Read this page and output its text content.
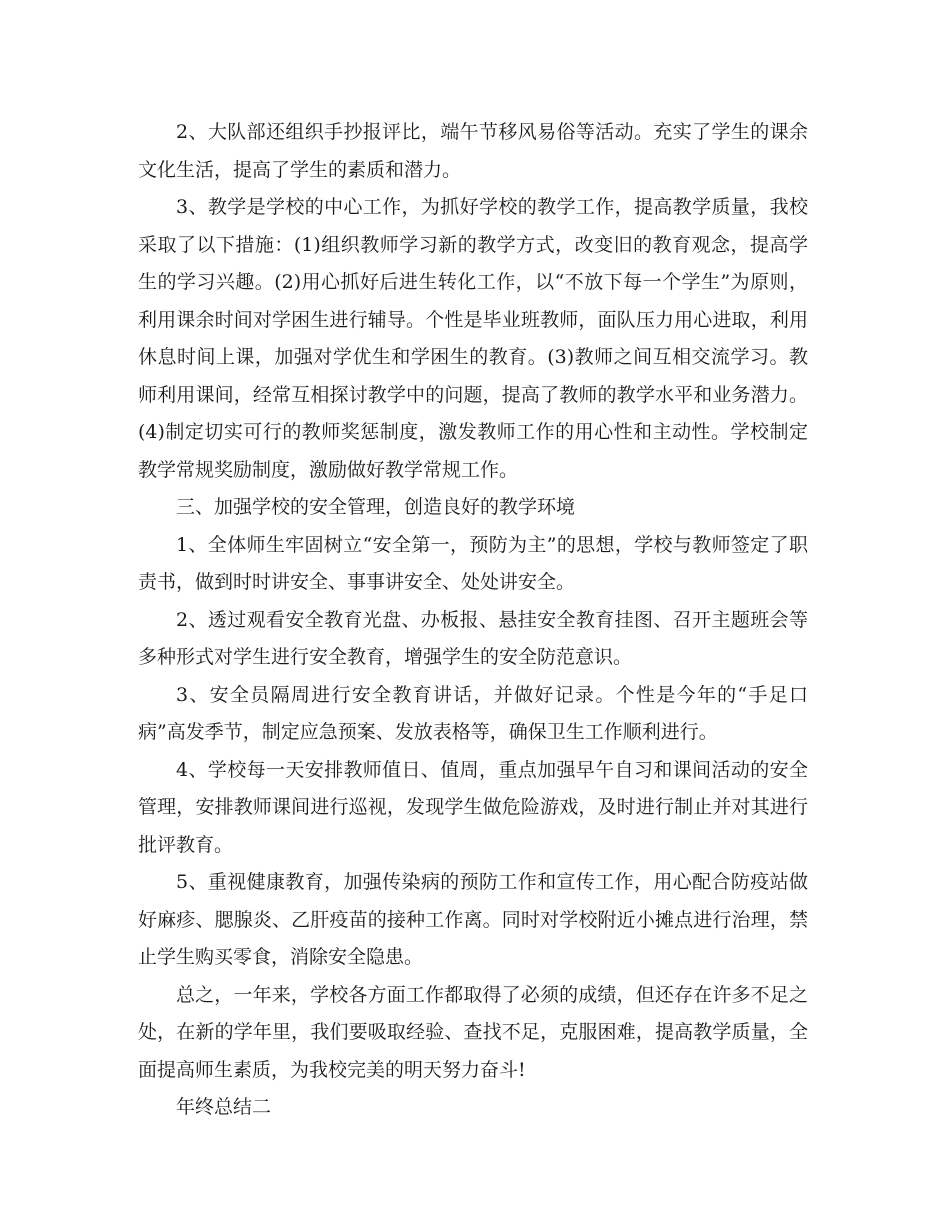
2、大队部还组织手抄报评比，端午节移风易俗等活动。充实了学生的课余文化生活，提高了学生的素质和潜力。

3、教学是学校的中心工作，为抓好学校的教学工作，提高教学质量，我校采取了以下措施：(1)组织教师学习新的教学方式，改变旧的教育观念，提高学生的学习兴趣。(2)用心抓好后进生转化工作，以“不放下每一个学生”为原则，利用课余时间对学困生进行辅导。个性是毕业班教师，面队压力用心进取，利用休息时间上课，加强对学优生和学困生的教育。(3)教师之间互相交流学习。教师利用课间，经常互相探讨教学中的问题，提高了教师的教学水平和业务潜力。(4)制定切实可行的教师奖惩制度，激发教师工作的用心性和主动性。学校制定教学常规奖励制度，激励做好教学常规工作。

三、加强学校的安全管理，创造良好的教学环境

1、全体师生牢固树立“安全第一，预防为主”的思想，学校与教师签定了职责书，做到时时讲安全、事事讲安全、处处讲安全。

2、透过观看安全教育光盘、办板报、悬挂安全教育挂图、召开主题班会等多种形式对学生进行安全教育，增强学生的安全防范意识。

3、安全员隔周进行安全教育讲话，并做好记录。个性是今年的“手足口病”高发季节，制定应急预案、发放表格等，确保卫生工作顺利进行。

4、学校每一天安排教师值日、值周，重点加强早午自习和课间活动的安全管理，安排教师课间进行巡视，发现学生做危险游戏，及时进行制止并对其进行批评教育。

5、重视健康教育，加强传染病的预防工作和宣传工作，用心配合防疫站做好麻疹、腮腺炎、乙肝疫苗的接种工作离。同时对学校附近小摊点进行治理，禁止学生购买零食，消除安全隐患。

总之，一年来，学校各方面工作都取得了必须的成绩，但还存在许多不足之处，在新的学年里，我们要吸取经验、查找不足，克服困难，提高教学质量，全面提高师生素质，为我校完美的明天努力奋斗!

年终总结二
